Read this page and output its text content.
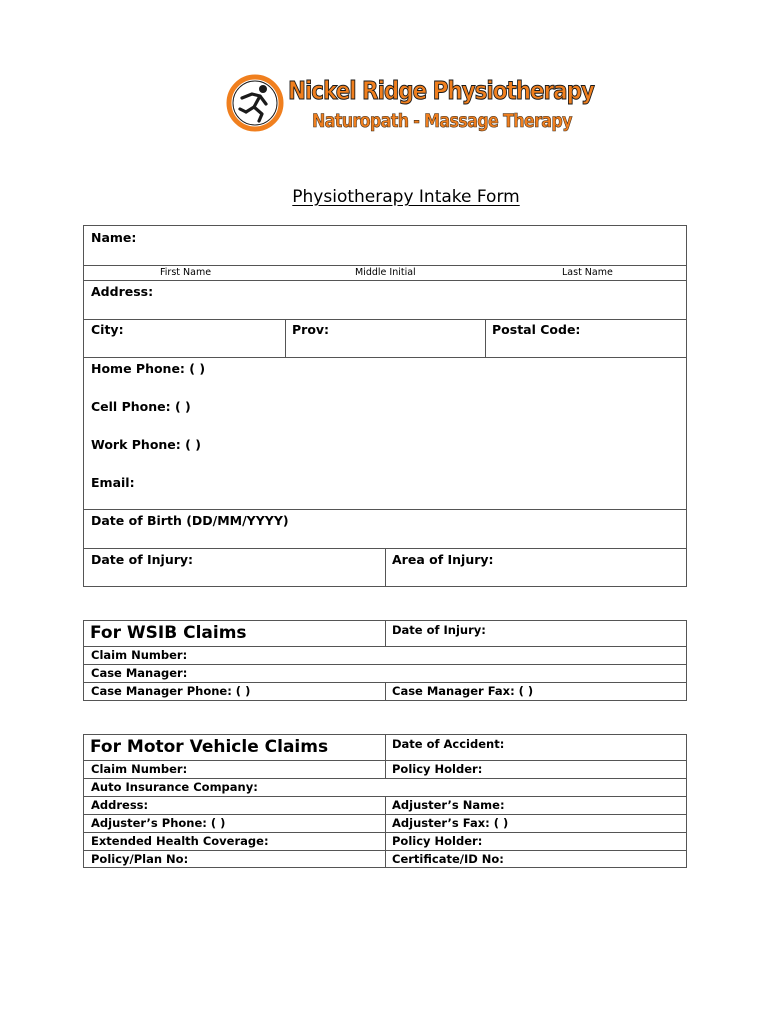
Nickel Ridge Physiotherapy
Naturopath - Massage Therapy
Physiotherapy Intake Form
Name:
First Name	Middle Initial	Last Name
Address:
City:	Prov:	Postal Code:
Home Phone: ( )
Cell Phone: ( )
Work Phone: ( )
Email:
Date of Birth (DD/MM/YYYY)
Date of Injury:	Area of Injury:
For WSIB Claims	Date of Injury:
Claim Number:
Case Manager:
Case Manager Phone: ( )	Case Manager Fax: ( )
For Motor Vehicle Claims	Date of Accident:
Claim Number:	Policy Holder:
Auto Insurance Company:
Address:	Adjuster’s Name:
Adjuster’s Phone: ( )	Adjuster’s Fax: ( )
Extended Health Coverage:	Policy Holder:
Policy/Plan No:	Certificate/ID No:
